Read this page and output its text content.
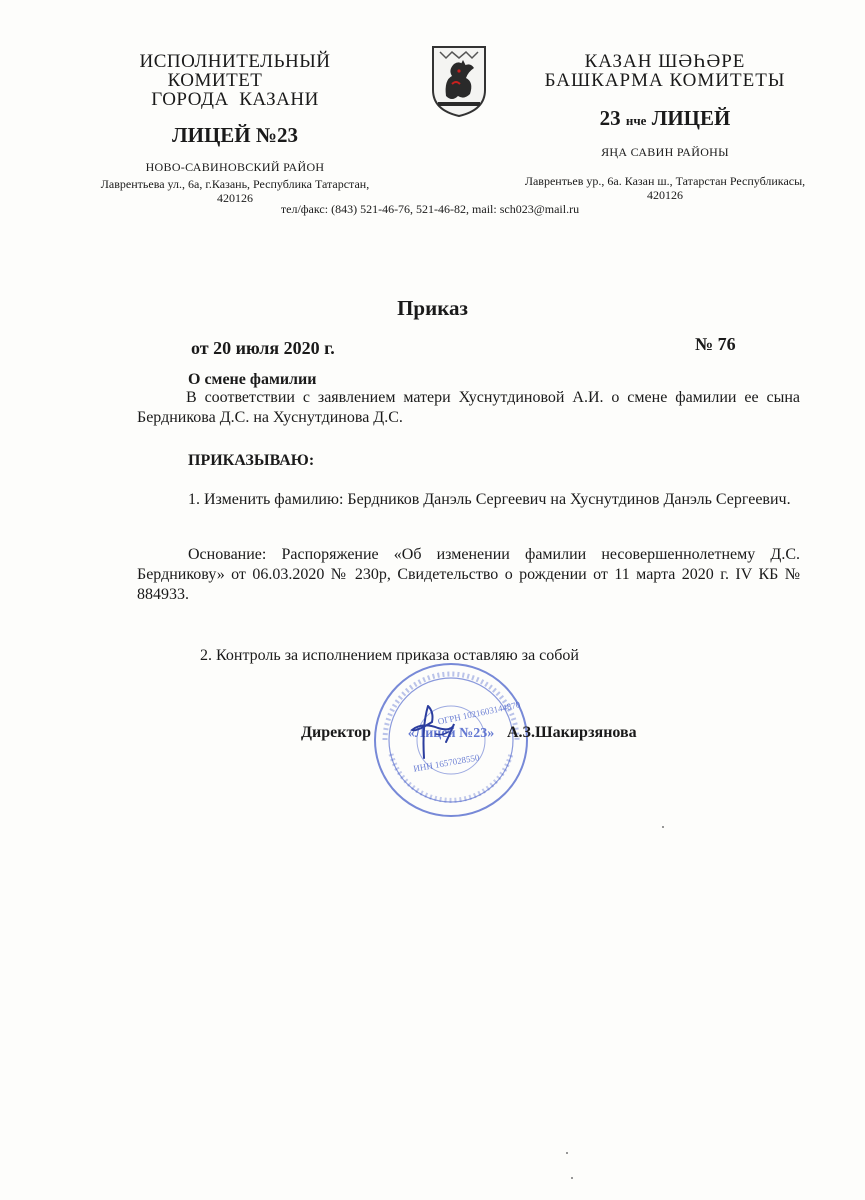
ИСПОЛНИТЕЛЬНЫЙ
КОМИТЕТ
ГОРОДА  КАЗАНИ
ЛИЦЕЙ №23
НОВО-САВИНОВСКИЙ РАЙОН
Лаврентьева ул., 6а, г.Казань, Республика Татарстан,
420126
КАЗАН ШӘҺӘРЕ
БАШКАРМА КОМИТЕТЫ
23 нче ЛИЦЕЙ
ЯҢА САВИН РАЙОНЫ
Лаврентьев ур., 6а. Казан ш., Татарстан Республикасы,
420126
тел/факс: (843) 521-46-76, 521-46-82, mail: sch023@mail.ru
Приказ
от 20 июля 2020 г.	№ 76
О смене фамилии
В соответствии с заявлением матери Хуснутдиновой А.И. о смене фамилии ее сына Бердникова Д.С. на Хуснутдинова Д.С.
ПРИКАЗЫВАЮ:
1. Изменить фамилию: Бердников Данэль Сергеевич на Хуснутдинов Данэль Сергеевич.
Основание: Распоряжение «Об изменении фамилии несовершеннолетнему Д.С. Бердникову» от 06.03.2020 № 230р, Свидетельство о рождении от 11 марта 2020 г. IV КБ № 884933.
2. Контроль за исполнением приказа оставляю за собой
«Лицей №23»
ОГРН 1021603144870
ИНН 1657028550
Директор	А.З.Шакирзянова
